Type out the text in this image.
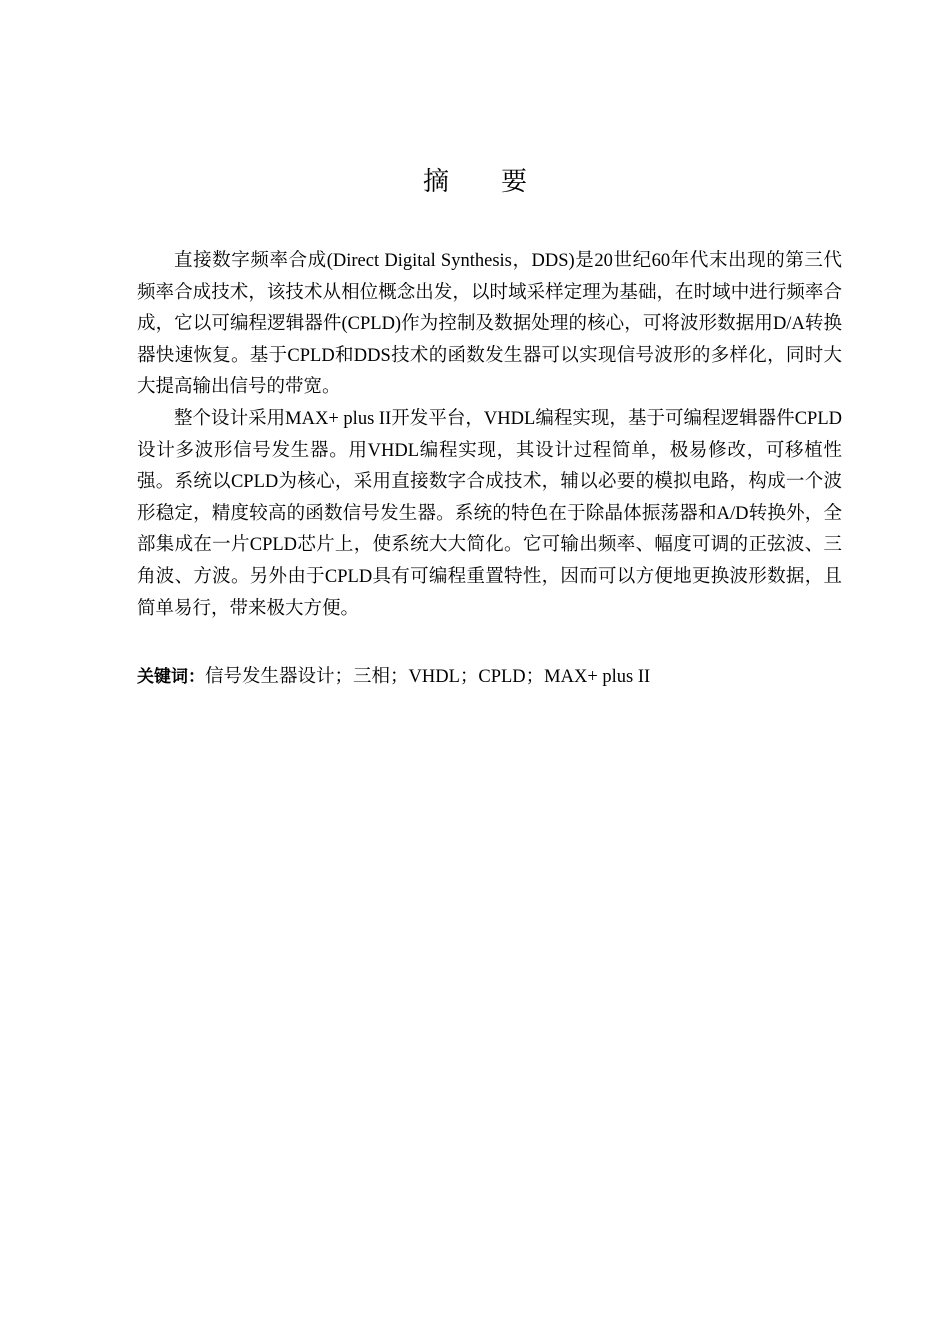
摘 要

直接数字频率合成(Direct Digital Synthesis，DDS)是20世纪60年代末出现的第三代频率合成技术，该技术从相位概念出发，以时域采样定理为基础，在时域中进行频率合成，它以可编程逻辑器件(CPLD)作为控制及数据处理的核心，可将波形数据用D/A转换器快速恢复。基于CPLD和DDS技术的函数发生器可以实现信号波形的多样化，同时大大提高输出信号的带宽。

整个设计采用MAX+ plus II开发平台，VHDL编程实现，基于可编程逻辑器件CPLD设计多波形信号发生器。用VHDL编程实现，其设计过程简单，极易修改，可移植性强。系统以CPLD为核心，采用直接数字合成技术，辅以必要的模拟电路，构成一个波形稳定，精度较高的函数信号发生器。系统的特色在于除晶体振荡器和A/D转换外，全部集成在一片CPLD芯片上，使系统大大简化。它可输出频率、幅度可调的正弦波、三角波、方波。另外由于CPLD具有可编程重置特性，因而可以方便地更换波形数据，且简单易行，带来极大方便。

关键词：信号发生器设计；三相；VHDL；CPLD；MAX+ plus II
